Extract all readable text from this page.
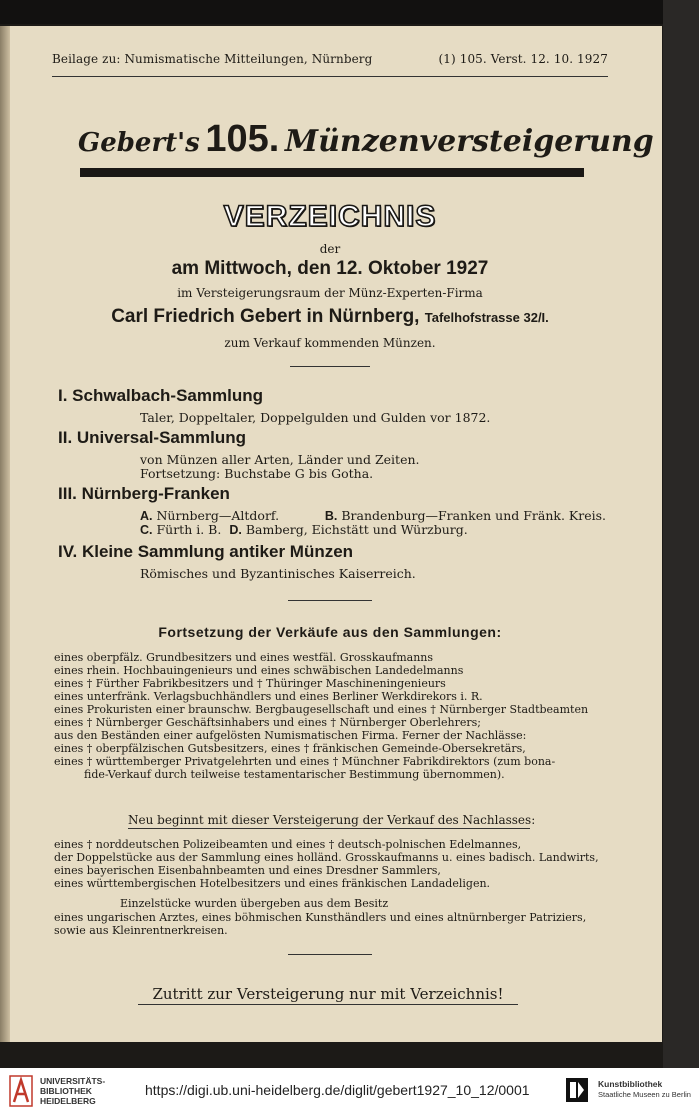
Beilage zu: Numismatische Mitteilungen, Nürnberg	(1) 105. Verst. 12. 10. 1927
Gebert's 105. Münzenversteigerung
VERZEICHNIS
der
am Mittwoch, den 12. Oktober 1927
im Versteigerungsraum der Münz-Experten-Firma
Carl Friedrich Gebert in Nürnberg, Tafelhofstrasse 32/I.
zum Verkauf kommenden Münzen.
I. Schwalbach-Sammlung
Taler, Doppeltaler, Doppelgulden und Gulden vor 1872.
II. Universal-Sammlung
von Münzen aller Arten, Länder und Zeiten.
Fortsetzung: Buchstabe G bis Gotha.
III. Nürnberg-Franken
A. Nürnberg—Altdorf.	B. Brandenburg—Franken und Fränk. Kreis.
C. Fürth i. B. D. Bamberg, Eichstätt und Würzburg.
IV. Kleine Sammlung antiker Münzen
Römisches und Byzantinisches Kaiserreich.
Fortsetzung der Verkäufe aus den Sammlungen:
eines oberpfälz. Grundbesitzers und eines westfäl. Grosskaufmanns
eines rhein. Hochbauingenieurs und eines schwäbischen Landedelmanns
eines † Fürther Fabrikbesitzers und † Thüringer Maschineningenieurs
eines unterfränk. Verlagsbuchhändlers und eines Berliner Werkdirekors i. R.
eines Prokuristen einer braunschw. Bergbaugesellschaft und eines † Nürnberger Stadtbeamten
eines † Nürnberger Geschäftsinhabers und eines † Nürnberger Oberlehrers;
aus den Beständen einer aufgelösten Numismatischen Firma. Ferner der Nachlässe:
eines † oberpfälzischen Gutsbesitzers, eines † fränkischen Gemeinde-Obersekretärs,
eines † württemberger Privatgelehrten und eines † Münchner Fabrikdirektors (zum bona-
fide-Verkauf durch teilweise testamentarischer Bestimmung übernommen).
Neu beginnt mit dieser Versteigerung der Verkauf des Nachlasses:
eines † norddeutschen Polizeibeamten und eines † deutsch-polnischen Edelmannes,
der Doppelstücke aus der Sammlung eines holländ. Grosskaufmanns u. eines badisch. Landwirts,
eines bayerischen Eisenbahnbeamten und eines Dresdner Sammlers,
eines württembergischen Hotelbesitzers und eines fränkischen Landadeligen.
Einzelstücke wurden übergeben aus dem Besitz
eines ungarischen Arztes, eines böhmischen Kunsthändlers und eines altnürnberger Patriziers,
sowie aus Kleinrentnerkreisen.
Zutritt zur Versteigerung nur mit Verzeichnis!
UNIVERSITÄTS-
BIBLIOTHEK
HEIDELBERG
https://digi.ub.uni-heidelberg.de/diglit/gebert1927_10_12/0001	Kunstbibliothek
Staatliche Museen zu Berlin
